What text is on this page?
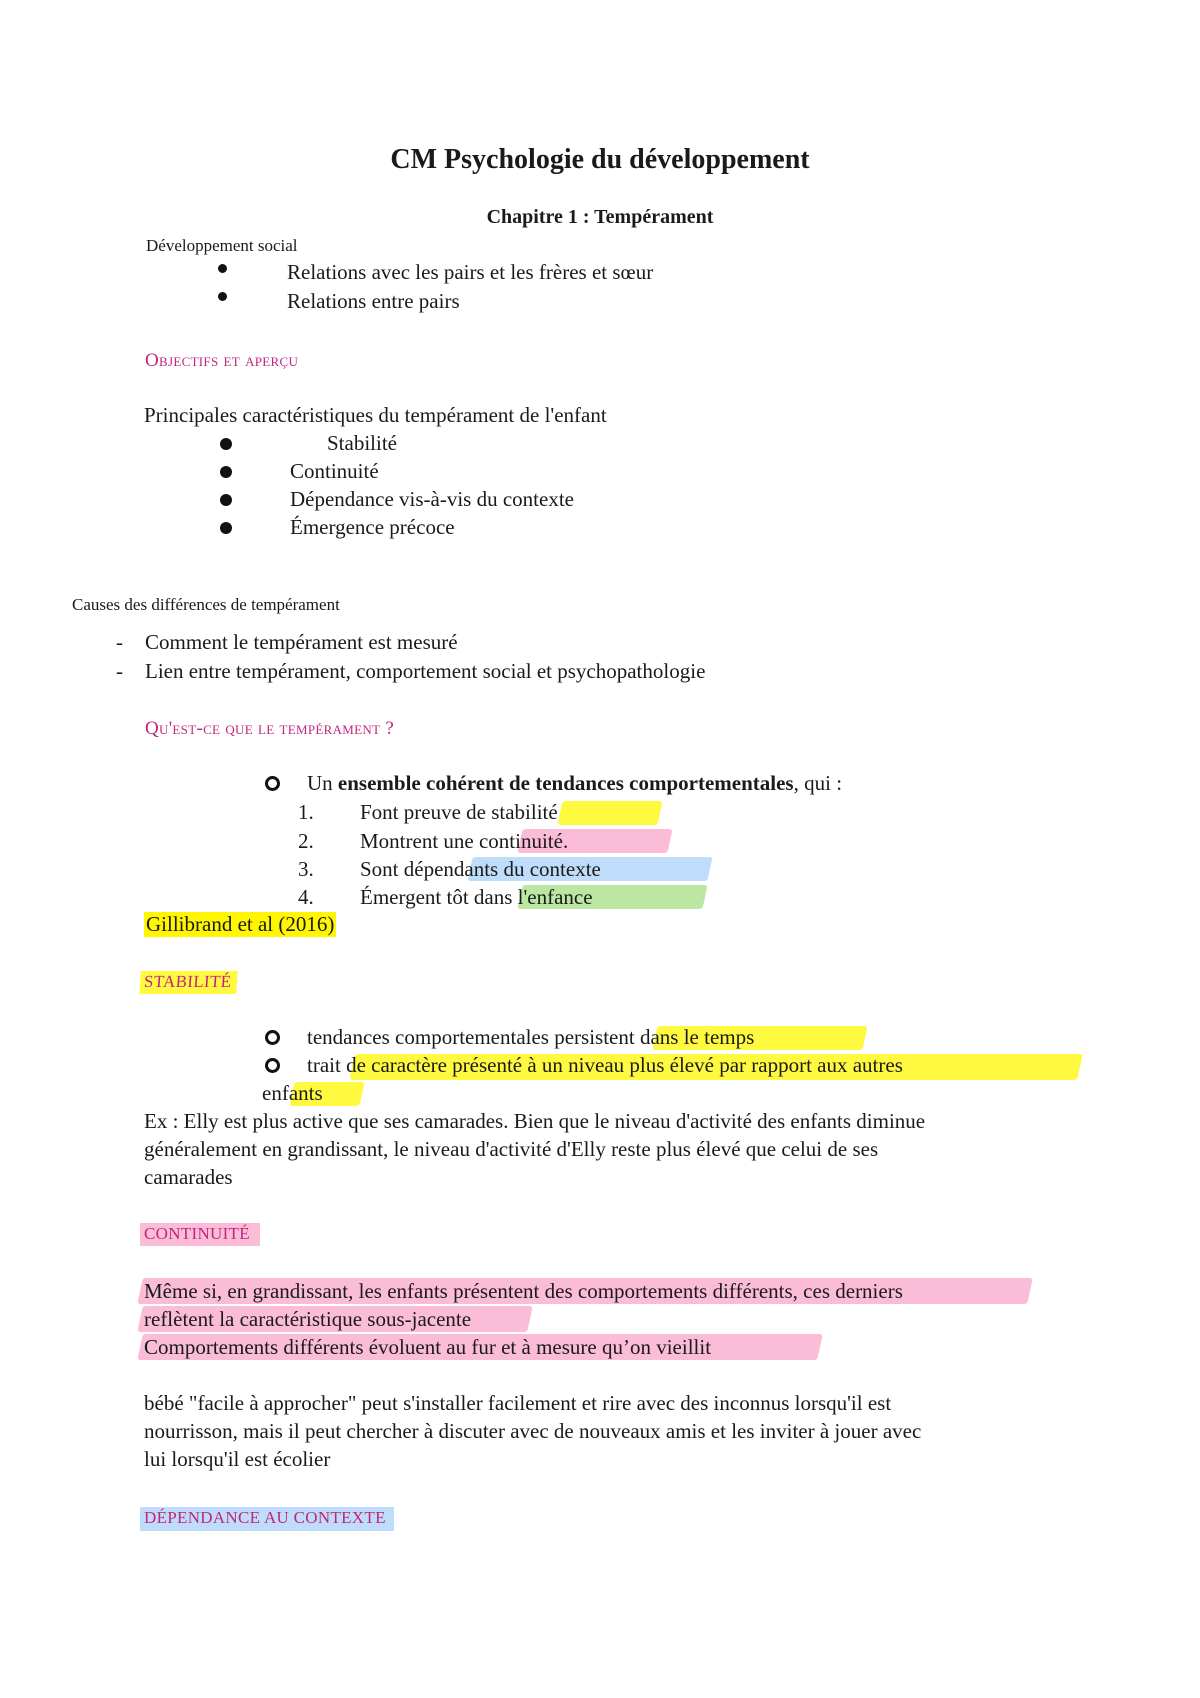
CM Psychologie du développement
Chapitre 1 : Tempérament
Développement social
Relations avec les pairs et les frères et sœur
Relations entre pairs
Objectifs et aperçu
Principales caractéristiques du tempérament de l'enfant
Stabilité
Continuité
Dépendance vis-à-vis du contexte
Émergence précoce
Causes des différences de tempérament
- Comment le tempérament est mesuré
- Lien entre tempérament, comportement social et psychopathologie
Qu'est-ce que le tempérament ?
Un ensemble cohérent de tendances comportementales, qui :
1. Font preuve de stabilité
2. Montrent une continuité.
3. Sont dépendants du contexte
4. Émergent tôt dans l'enfance
Gillibrand et al (2016)
STABILITÉ
tendances comportementales persistent dans le temps
trait de caractère présenté à un niveau plus élevé par rapport aux autres
enfants
Ex : Elly est plus active que ses camarades. Bien que le niveau d'activité des enfants diminue
généralement en grandissant, le niveau d'activité d'Elly reste plus élevé que celui de ses
camarades
CONTINUITÉ
Même si, en grandissant, les enfants présentent des comportements différents, ces derniers
reflètent la caractéristique sous-jacente
Comportements différents évoluent au fur et à mesure qu’on vieillit
bébé "facile à approcher" peut s'installer facilement et rire avec des inconnus lorsqu'il est
nourrisson, mais il peut chercher à discuter avec de nouveaux amis et les inviter à jouer avec
lui lorsqu'il est écolier
DÉPENDANCE AU CONTEXTE
